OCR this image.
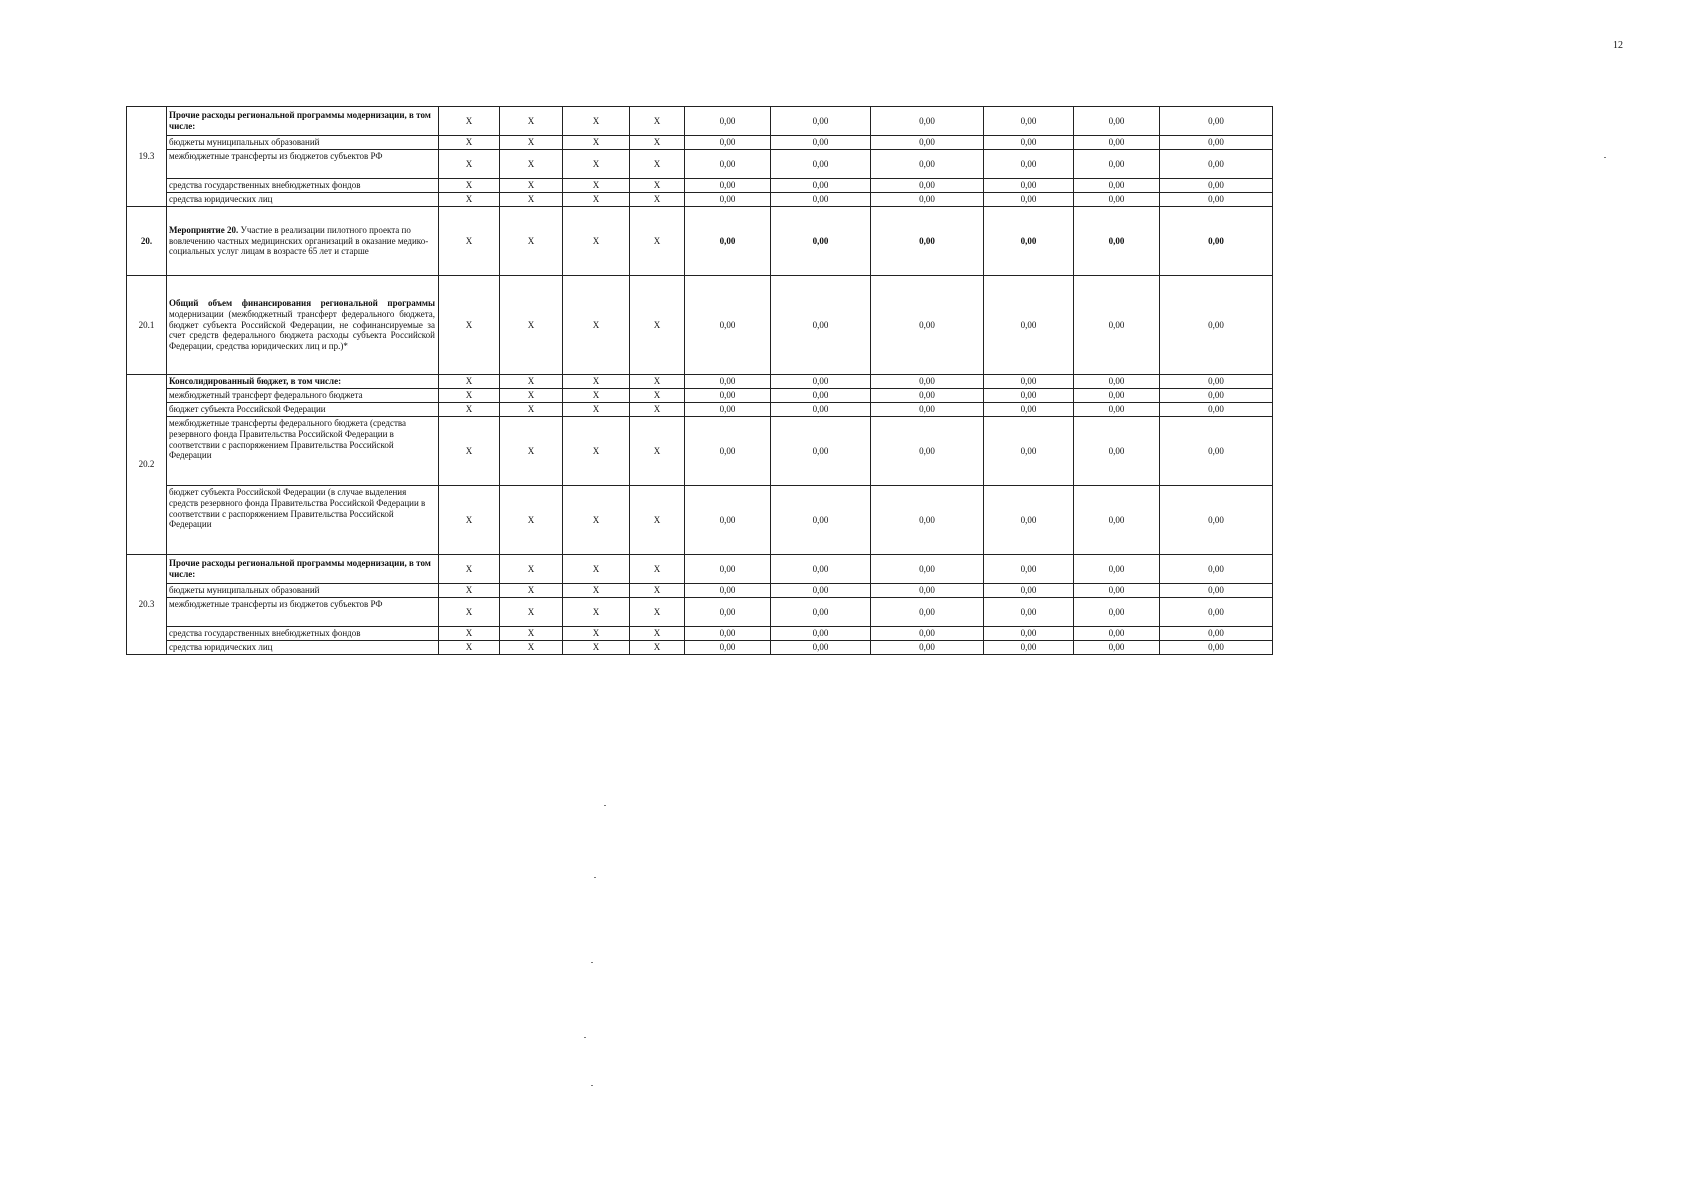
12
19.3	Прочие расходы региональной программы модернизации, в том числе:	X	X	X	X	0,00	0,00	0,00	0,00	0,00	0,00
	бюджеты муниципальных образований	X	X	X	X	0,00	0,00	0,00	0,00	0,00	0,00
	межбюджетные трансферты из бюджетов субъектов РФ	X	X	X	X	0,00	0,00	0,00	0,00	0,00	0,00
	средства государственных внебюджетных фондов	X	X	X	X	0,00	0,00	0,00	0,00	0,00	0,00
	средства юридических лиц	X	X	X	X	0,00	0,00	0,00	0,00	0,00	0,00
20.	Мероприятие 20. Участие в реализации пилотного проекта по вовлечению частных медицинских организаций в оказание медико-социальных услуг лицам в возрасте 65 лет и старше	X	X	X	X	0,00	0,00	0,00	0,00	0,00	0,00
20.1	Общий объем финансирования региональной программы модернизации (межбюджетный трансферт федерального бюджета, бюджет субъекта Российской Федерации, не софинансируемые за счет средств федерального бюджета расходы субъекта Российской Федерации, средства юридических лиц и пр.)*	X	X	X	X	0,00	0,00	0,00	0,00	0,00	0,00
20.2	Консолидированный бюджет, в том числе:	X	X	X	X	0,00	0,00	0,00	0,00	0,00	0,00
	межбюджетный трансферт федерального бюджета	X	X	X	X	0,00	0,00	0,00	0,00	0,00	0,00
	бюджет субъекта Российской Федерации	X	X	X	X	0,00	0,00	0,00	0,00	0,00	0,00
	межбюджетные трансферты федерального бюджета (средства резервного фонда Правительства Российской Федерации в соответствии с распоряжением Правительства Российской Федерации	X	X	X	X	0,00	0,00	0,00	0,00	0,00	0,00
	бюджет субъекта Российской Федерации (в случае выделения средств резервного фонда Правительства Российской Федерации в соответствии с распоряжением Правительства Российской Федерации	X	X	X	X	0,00	0,00	0,00	0,00	0,00	0,00
20.3	Прочие расходы региональной программы модернизации, в том числе:	X	X	X	X	0,00	0,00	0,00	0,00	0,00	0,00
	бюджеты муниципальных образований	X	X	X	X	0,00	0,00	0,00	0,00	0,00	0,00
	межбюджетные трансферты из бюджетов субъектов РФ	X	X	X	X	0,00	0,00	0,00	0,00	0,00	0,00
	средства государственных внебюджетных фондов	X	X	X	X	0,00	0,00	0,00	0,00	0,00	0,00
	средства юридических лиц	X	X	X	X	0,00	0,00	0,00	0,00	0,00	0,00
